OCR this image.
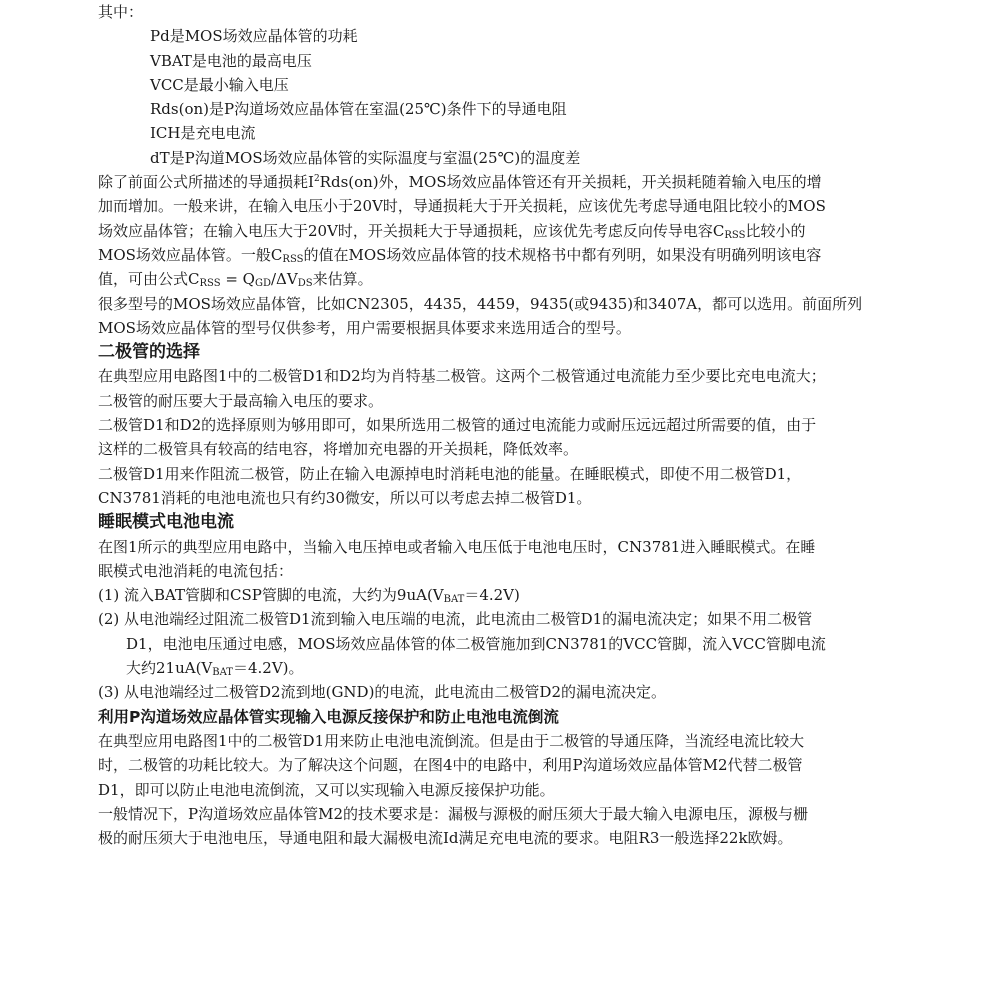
其中：
Pd是MOS场效应晶体管的功耗
VBAT是电池的最高电压
VCC是最小输入电压
Rds(on)是P沟道场效应晶体管在室温(25℃)条件下的导通电阻
ICH是充电电流
dT是P沟道MOS场效应晶体管的实际温度与室温(25℃)的温度差
除了前面公式所描述的导通损耗$I^2Rds(on)$外，MOS场效应晶体管还有开关损耗，开关损耗随着输入电压的增
加而增加。一般来讲，在输入电压小于20V时，导通损耗大于开关损耗，应该优先考虑导通电阻比较小的MOS
场效应晶体管；在输入电压大于20V时，开关损耗大于导通损耗，应该优先考虑反向传导电容$C_{RSS}$比较小的
MOS场效应晶体管。一般$C_{RSS}$的值在MOS场效应晶体管的技术规格书中都有列明，如果没有明确列明该电容
值，可由公式$C_{RSS} = Q_{GD}/\Delta V_{DS}$来估算。
很多型号的MOS场效应晶体管，比如CN2305，4435，4459，9435(或9435)和3407A，都可以选用。前面所列
MOS场效应晶体管的型号仅供参考，用户需要根据具体要求来选用适合的型号。
二极管的选择
在典型应用电路图1中的二极管D1和D2均为肖特基二极管。这两个二极管通过电流能力至少要比充电电流大；
二极管的耐压要大于最高输入电压的要求。
二极管D1和D2的选择原则为够用即可，如果所选用二极管的通过电流能力或耐压远远超过所需要的值，由于
这样的二极管具有较高的结电容，将增加充电器的开关损耗，降低效率。
二极管D1用来作阻流二极管，防止在输入电源掉电时消耗电池的能量。在睡眠模式，即使不用二极管D1，
CN3781消耗的电池电流也只有约30微安，所以可以考虑去掉二极管D1。
睡眠模式电池电流
在图1所示的典型应用电路中，当输入电压掉电或者输入电压低于电池电压时，CN3781进入睡眠模式。在睡
眠模式电池消耗的电流包括：
(1) 流入BAT管脚和CSP管脚的电流，大约为$9uA(V_{BAT}=4.2V)$
(2) 从电池端经过阻流二极管D1流到输入电压端的电流，此电流由二极管D1的漏电流决定；如果不用二极管
D1，电池电压通过电感，MOS场效应晶体管的体二极管施加到CN3781的VCC管脚，流入VCC管脚电流
大约$21uA(V_{BAT}=4.2V)$。
(3) 从电池端经过二极管D2流到地(GND)的电流，此电流由二极管D2的漏电流决定。
利用P沟道场效应晶体管实现输入电源反接保护和防止电池电流倒流
在典型应用电路图1中的二极管D1用来防止电池电流倒流。但是由于二极管的导通压降，当流经电流比较大
时，二极管的功耗比较大。为了解决这个问题，在图4中的电路中，利用P沟道场效应晶体管M2代替二极管
D1，即可以防止电池电流倒流，又可以实现输入电源反接保护功能。
一般情况下，P沟道场效应晶体管M2的技术要求是：漏极与源极的耐压须大于最大输入电源电压，源极与栅
极的耐压须大于电池电压，导通电阻和最大漏极电流Id满足充电电流的要求。电阻R3一般选择22k欧姆。
